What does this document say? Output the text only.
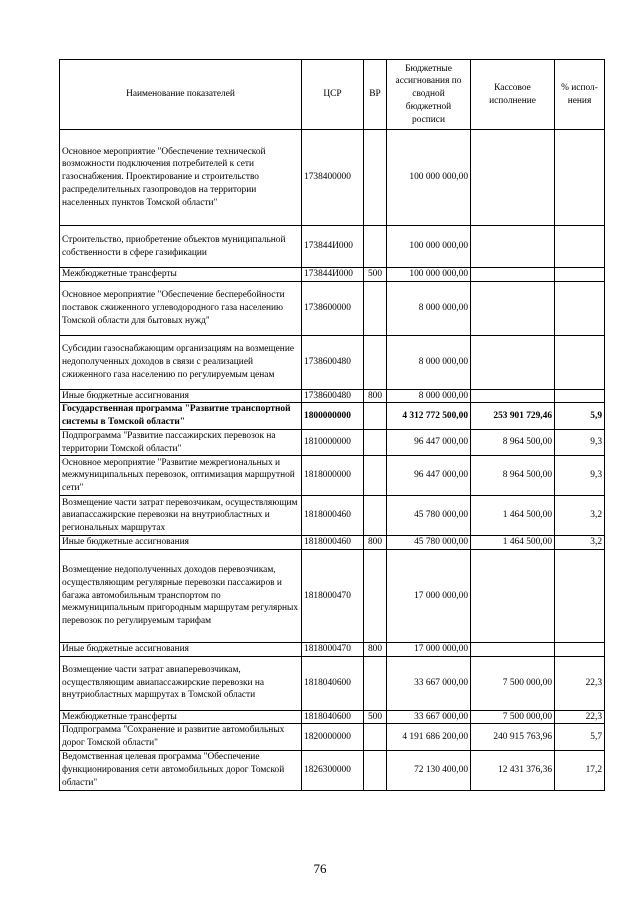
Наименование показателей	ЦСР	ВР	Бюджетные ассигнования по сводной бюджетной росписи	Кассовое исполнение	% испол-нения
Основное мероприятие "Обеспечение технической возможности подключения потребителей к сети газоснабжения. Проектирование и строительство распределительных газопроводов на территории населенных пунктов Томской области"	1738400000		100 000 000,00		
Строительство, приобретение объектов муниципальной собственности в сфере газификации	173844И000		100 000 000,00		
Межбюджетные трансферты	173844И000	500	100 000 000,00		
Основное мероприятие "Обеспечение бесперебойности поставок сжиженного углеводородного газа населению Томской области для бытовых нужд"	1738600000		8 000 000,00		
Субсидии газоснабжающим организациям на возмещение недополученных доходов в связи с реализацией сжиженного газа населению по регулируемым ценам	1738600480		8 000 000,00		
Иные бюджетные ассигнования	1738600480	800	8 000 000,00		
Государственная программа "Развитие транспортной системы в Томской области"	1800000000		4 312 772 500,00	253 901 729,46	5,9
Подпрограмма "Развитие пассажирских перевозок на территории Томской области"	1810000000		96 447 000,00	8 964 500,00	9,3
Основное мероприятие "Развитие межрегиональных и межмуниципальных перевозок, оптимизация маршрутной сети"	1818000000		96 447 000,00	8 964 500,00	9,3
Возмещение части затрат перевозчикам, осуществляющим авиапассажирские перевозки на внутриобластных и региональных маршрутах	1818000460		45 780 000,00	1 464 500,00	3,2
Иные бюджетные ассигнования	1818000460	800	45 780 000,00	1 464 500,00	3,2
Возмещение недополученных доходов перевозчикам, осуществляющим регулярные перевозки пассажиров и багажа автомобильным транспортом по межмуниципальным пригородным маршрутам регулярных перевозок по регулируемым тарифам	1818000470		17 000 000,00		
Иные бюджетные ассигнования	1818000470	800	17 000 000,00		
Возмещение части затрат авиаперевозчикам, осуществляющим авиапассажирские перевозки на внутриобластных маршрутах в Томской области	1818040600		33 667 000,00	7 500 000,00	22,3
Межбюджетные трансферты	1818040600	500	33 667 000,00	7 500 000,00	22,3
Подпрограмма "Сохранение и развитие автомобильных дорог Томской области"	1820000000		4 191 686 200,00	240 915 763,96	5,7
Ведомственная целевая программа "Обеспечение функционирования сети автомобильных дорог Томской области"	1826300000		72 130 400,00	12 431 376,36	17,2
76
